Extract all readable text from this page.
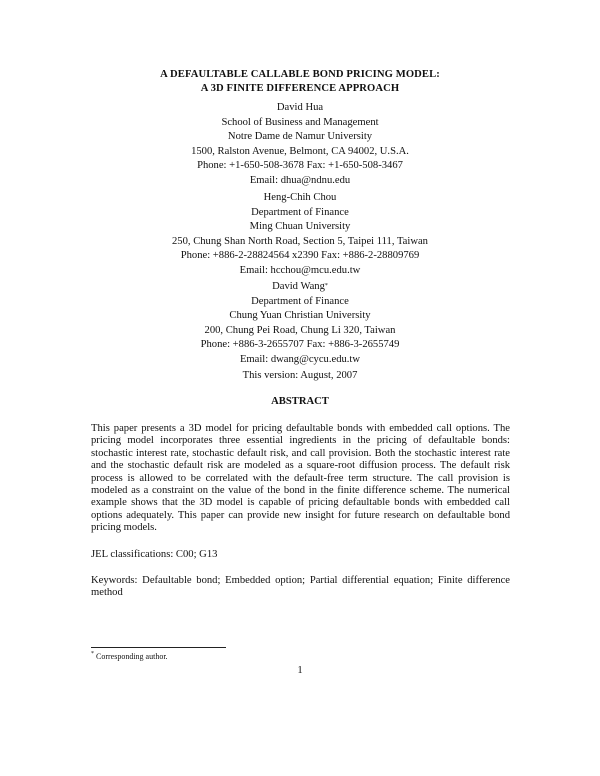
A DEFAULTABLE CALLABLE BOND PRICING MODEL:
A 3D FINITE DIFFERENCE APPROACH
David Hua
School of Business and Management
Notre Dame de Namur University
1500, Ralston Avenue, Belmont, CA 94002, U.S.A.
Phone: +1-650-508-3678 Fax: +1-650-508-3467
Email: dhua@ndnu.edu
Heng-Chih Chou
Department of Finance
Ming Chuan University
250, Chung Shan North Road, Section 5, Taipei 111, Taiwan
Phone: +886-2-28824564 x2390 Fax: +886-2-28809769
Email: hcchou@mcu.edu.tw
David Wang*
Department of Finance
Chung Yuan Christian University
200, Chung Pei Road, Chung Li 320, Taiwan
Phone: +886-3-2655707 Fax: +886-3-2655749
Email: dwang@cycu.edu.tw
This version: August, 2007
ABSTRACT
This paper presents a 3D model for pricing defaultable bonds with embedded call options. The pricing model incorporates three essential ingredients in the pricing of defaultable bonds: stochastic interest rate, stochastic default risk, and call provision. Both the stochastic interest rate and the stochastic default risk are modeled as a square-root diffusion process. The default risk process is allowed to be correlated with the default-free term structure. The call provision is modeled as a constraint on the value of the bond in the finite difference scheme. The numerical example shows that the 3D model is capable of pricing defaultable bonds with embedded call options adequately. This paper can provide new insight for future research on defaultable bond pricing models.
JEL classifications: C00; G13
Keywords: Defaultable bond; Embedded option; Partial differential equation; Finite difference method
* Corresponding author.
1
